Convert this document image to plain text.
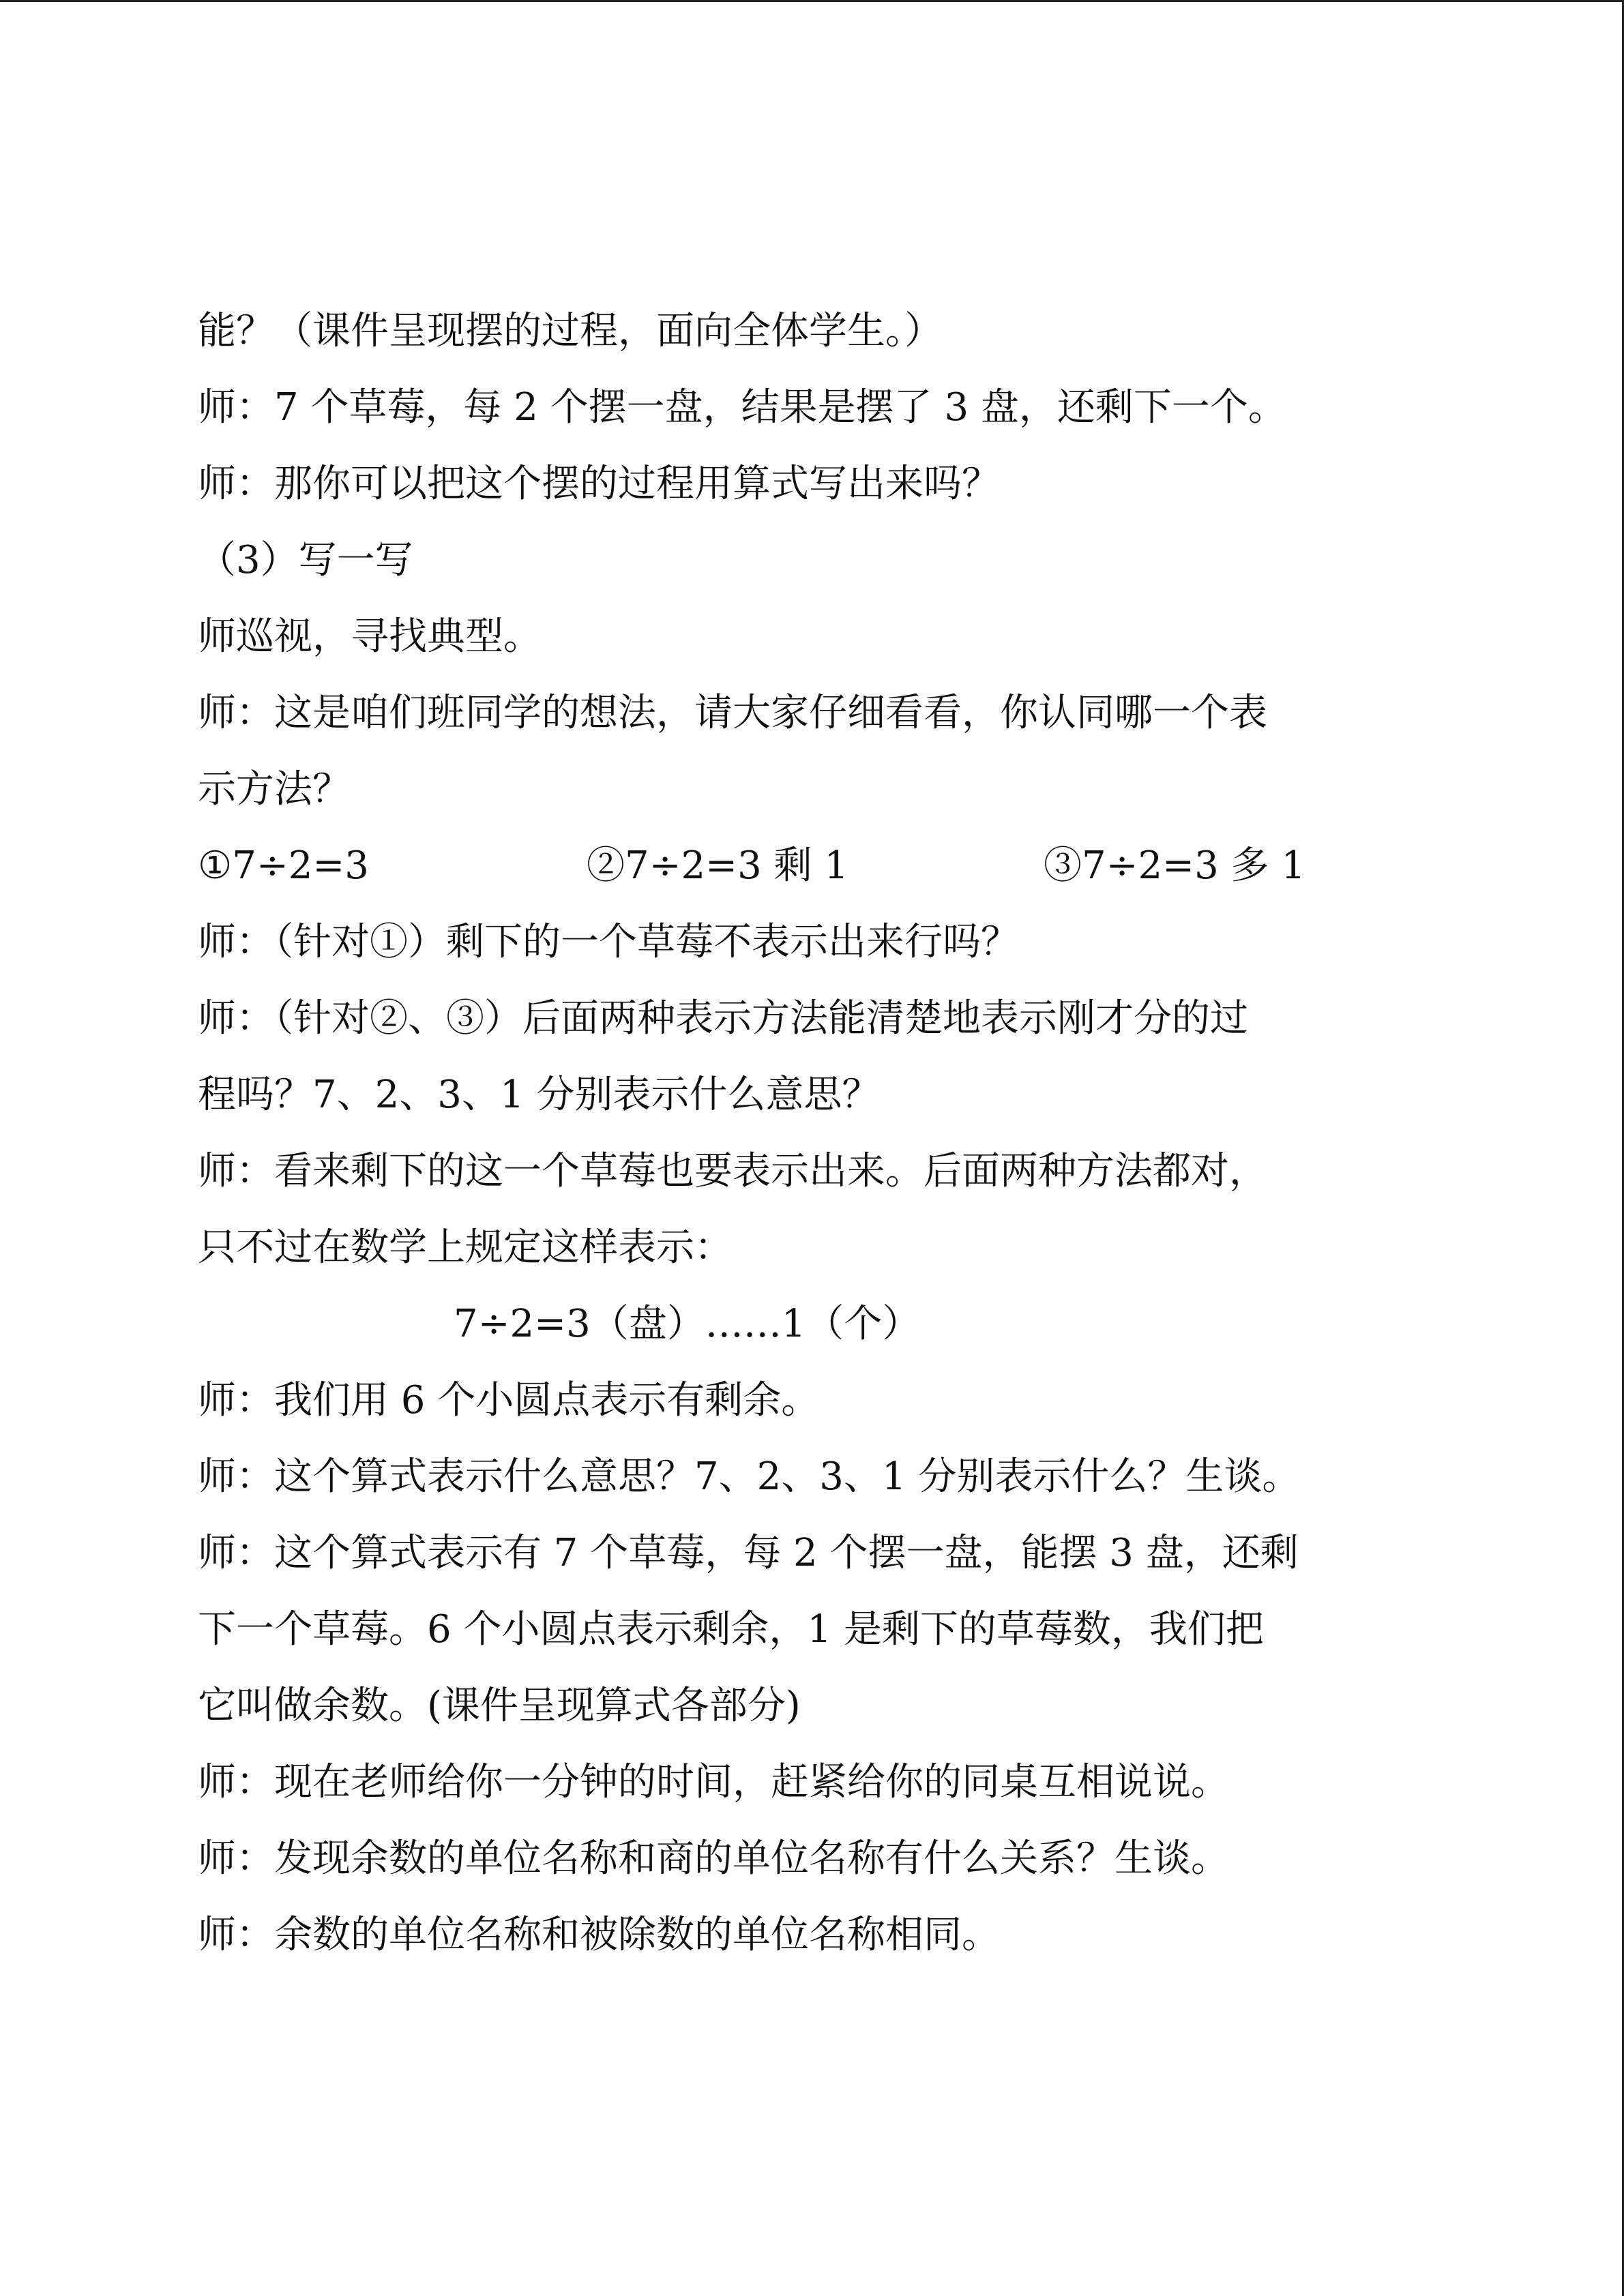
能？（课件呈现摆的过程，面向全体学生。）

师：7 个草莓，每 2 个摆一盘，结果是摆了 3 盘，还剩下一个。

师：那你可以把这个摆的过程用算式写出来吗？

（3）写一写

师巡视，寻找典型。

师：这是咱们班同学的想法，请大家仔细看看，你认同哪一个表

示方法？

①7÷2=3	②7÷2=3 剩 1	③7÷2=3 多 1

师：（针对①）剩下的一个草莓不表示出来行吗？

师：（针对②、③）后面两种表示方法能清楚地表示刚才分的过

程吗？7、2、3、1 分别表示什么意思？

师：看来剩下的这一个草莓也要表示出来。后面两种方法都对，

只不过在数学上规定这样表示：

7÷2=3（盘）……1（个）

师：我们用 6 个小圆点表示有剩余。

师：这个算式表示什么意思？7、2、3、1 分别表示什么？生谈。

师：这个算式表示有 7 个草莓，每 2 个摆一盘，能摆 3 盘，还剩

下一个草莓。6 个小圆点表示剩余，1 是剩下的草莓数，我们把

它叫做余数。(课件呈现算式各部分)

师：现在老师给你一分钟的时间，赶紧给你的同桌互相说说。

师：发现余数的单位名称和商的单位名称有什么关系？生谈。

师：余数的单位名称和被除数的单位名称相同。
